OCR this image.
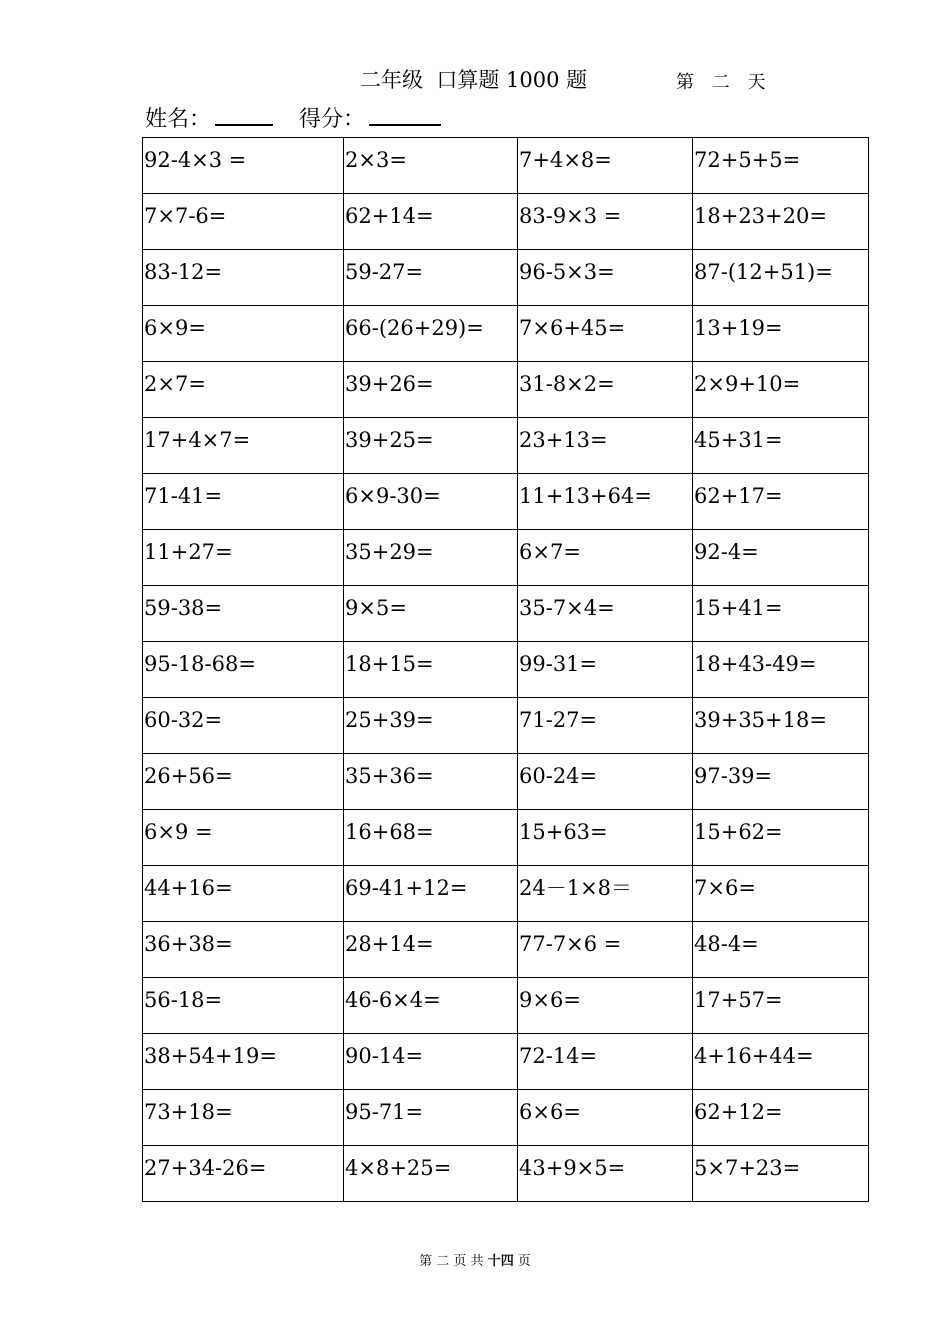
二年级  口算题 1000 题	第 二 天
姓名：	得分：
92-4×3 =	2×3=	7+4×8=	72+5+5=
7×7-6=	62+14=	83-9×3 =	18+23+20=
83-12=	59-27=	96-5×3=	87-(12+51)=
6×9=	66-(26+29)=	7×6+45=	13+19=
2×7=	39+26=	31-8×2=	2×9+10=
17+4×7=	39+25=	23+13=	45+31=
71-41=	6×9-30=	11+13+64=	62+17=
11+27=	35+29=	6×7=	92-4=
59-38=	9×5=	35-7×4=	15+41=
95-18-68=	18+15=	99-31=	18+43-49=
60-32=	25+39=	71-27=	39+35+18=
26+56=	35+36=	60-24=	97-39=
6×9 =	16+68=	15+63=	15+62=
44+16=	69-41+12=	24－1×8＝	7×6=
36+38=	28+14=	77-7×6 =	48-4=
56-18=	46-6×4=	9×6=	17+57=
38+54+19=	90-14=	72-14=	4+16+44=
73+18=	95-71=	6×6=	62+12=
27+34-26=	4×8+25=	43+9×5=	5×7+23=
第 二 页 共 十四 页
